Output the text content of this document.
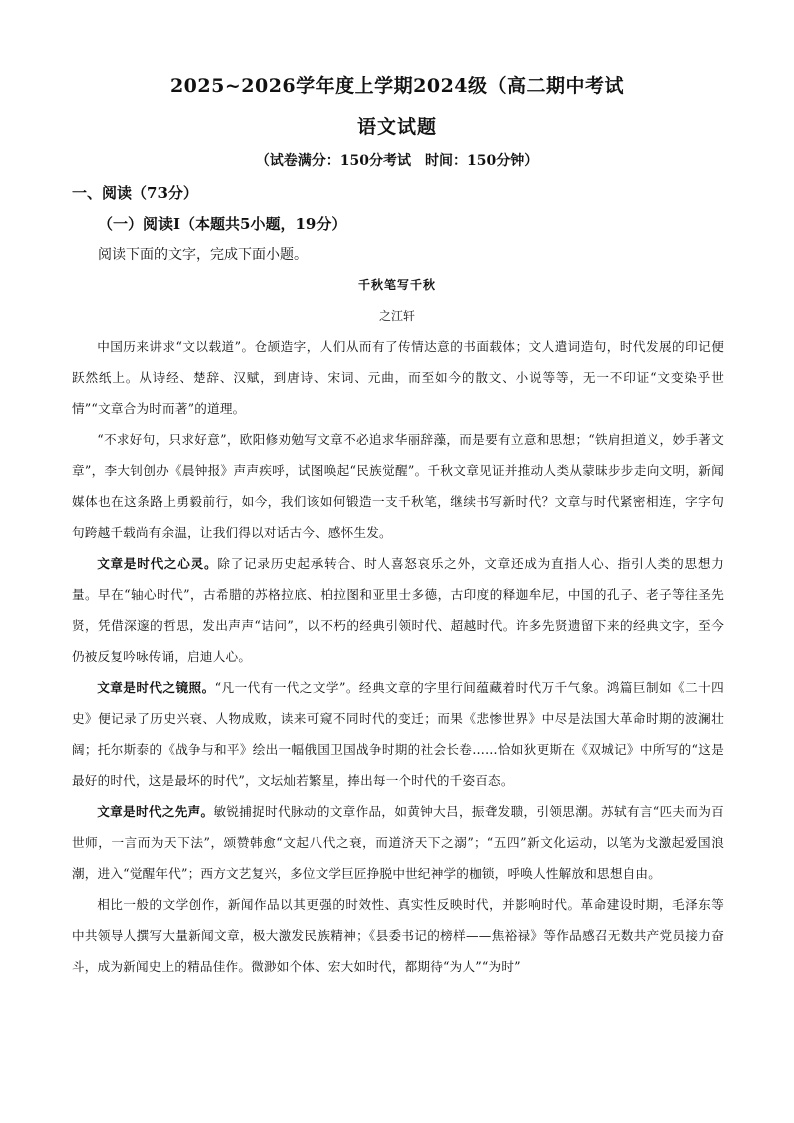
2025~2026学年度上学期2024级（高二期中考试
语文试题
（试卷满分：150分考试　时间：150分钟）
一、阅读（73分）
（一）阅读Ⅰ（本题共5小题，19分）
阅读下面的文字，完成下面小题。
千秋笔写千秋
之江轩

中国历来讲求“文以载道”。仓颉造字，人们从而有了传情达意的书面载体；文人遣词造句，时代发展的印记便跃然纸上。从诗经、楚辞、汉赋，到唐诗、宋词、元曲，而至如今的散文、小说等等，无一不印证“文变染乎世情”“文章合为时而著”的道理。

“不求好句，只求好意”，欧阳修劝勉写文章不必追求华丽辞藻，而是要有立意和思想；“铁肩担道义，妙手著文章”，李大钊创办《晨钟报》声声疾呼，试图唤起“民族觉醒”。千秋文章见证并推动人类从蒙昧步步走向文明，新闻媒体也在这条路上勇毅前行，如今，我们该如何锻造一支千秋笔，继续书写新时代？文章与时代紧密相连，字字句句跨越千载尚有余温，让我们得以对话古今、感怀生发。

文章是时代之心灵。除了记录历史起承转合、时人喜怒哀乐之外，文章还成为直指人心、指引人类的思想力量。早在“轴心时代”，古希腊的苏格拉底、柏拉图和亚里士多德，古印度的释迦牟尼，中国的孔子、老子等往圣先贤，凭借深邃的哲思，发出声声“诘问”，以不朽的经典引领时代、超越时代。许多先贤遗留下来的经典文字，至今仍被反复吟咏传诵，启迪人心。

文章是时代之镜照。“凡一代有一代之文学”。经典文章的字里行间蕴藏着时代万千气象。鸿篇巨制如《二十四史》便记录了历史兴衰、人物成败，读来可窥不同时代的变迁；而果《悲惨世界》中尽是法国大革命时期的波澜壮阔；托尔斯泰的《战争与和平》绘出一幅俄国卫国战争时期的社会长卷……恰如狄更斯在《双城记》中所写的“这是最好的时代，这是最坏的时代”，文坛灿若繁星，捧出每一个时代的千姿百态。

文章是时代之先声。敏锐捕捉时代脉动的文章作品，如黄钟大吕，振聋发聩，引领思潮。苏轼有言“匹夫而为百世师，一言而为天下法”，颂赞韩愈“文起八代之衰，而道济天下之溺”；“五四”新文化运动，以笔为戈激起爱国浪潮，进入“觉醒年代”；西方文艺复兴，多位文学巨匠挣脱中世纪神学的枷锁，呼唤人性解放和思想自由。

相比一般的文学创作，新闻作品以其更强的时效性、真实性反映时代，并影响时代。革命建设时期，毛泽东等中共领导人撰写大量新闻文章，极大激发民族精神；《县委书记的榜样——焦裕禄》等作品感召无数共产党员接力奋斗，成为新闻史上的精品佳作。微渺如个体、宏大如时代，都期待“为人”“为时”
